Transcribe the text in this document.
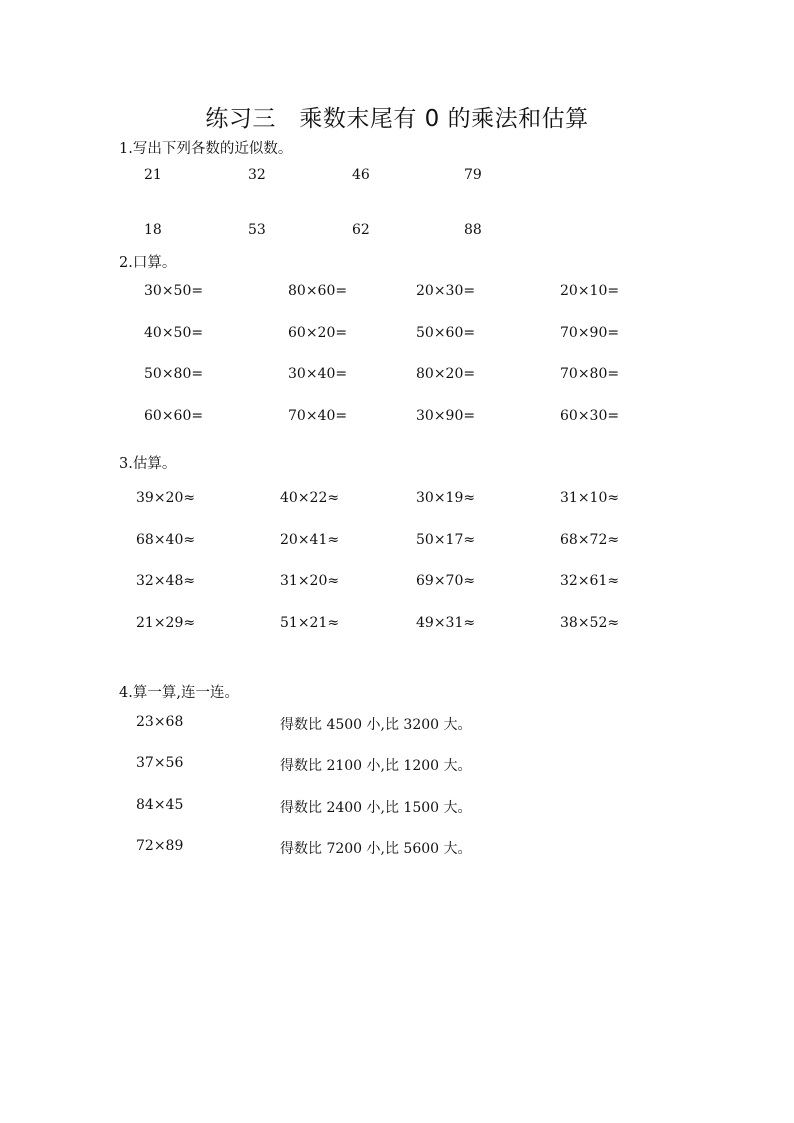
练习三　乘数末尾有 0 的乘法和估算
1.写出下列各数的近似数。
21	32	46	79
18	53	62	88
2.口算。
30×50=	80×60=	20×30=	20×10=
40×50=	60×20=	50×60=	70×90=
50×80=	30×40=	80×20=	70×80=
60×60=	70×40=	30×90=	60×30=
3.估算。
39×20≈	40×22≈	30×19≈	31×10≈
68×40≈	20×41≈	50×17≈	68×72≈
32×48≈	31×20≈	69×70≈	32×61≈
21×29≈	51×21≈	49×31≈	38×52≈
4.算一算,连一连。
23×68	得数比 4500 小,比 3200 大。
37×56	得数比 2100 小,比 1200 大。
84×45	得数比 2400 小,比 1500 大。
72×89	得数比 7200 小,比 5600 大。
